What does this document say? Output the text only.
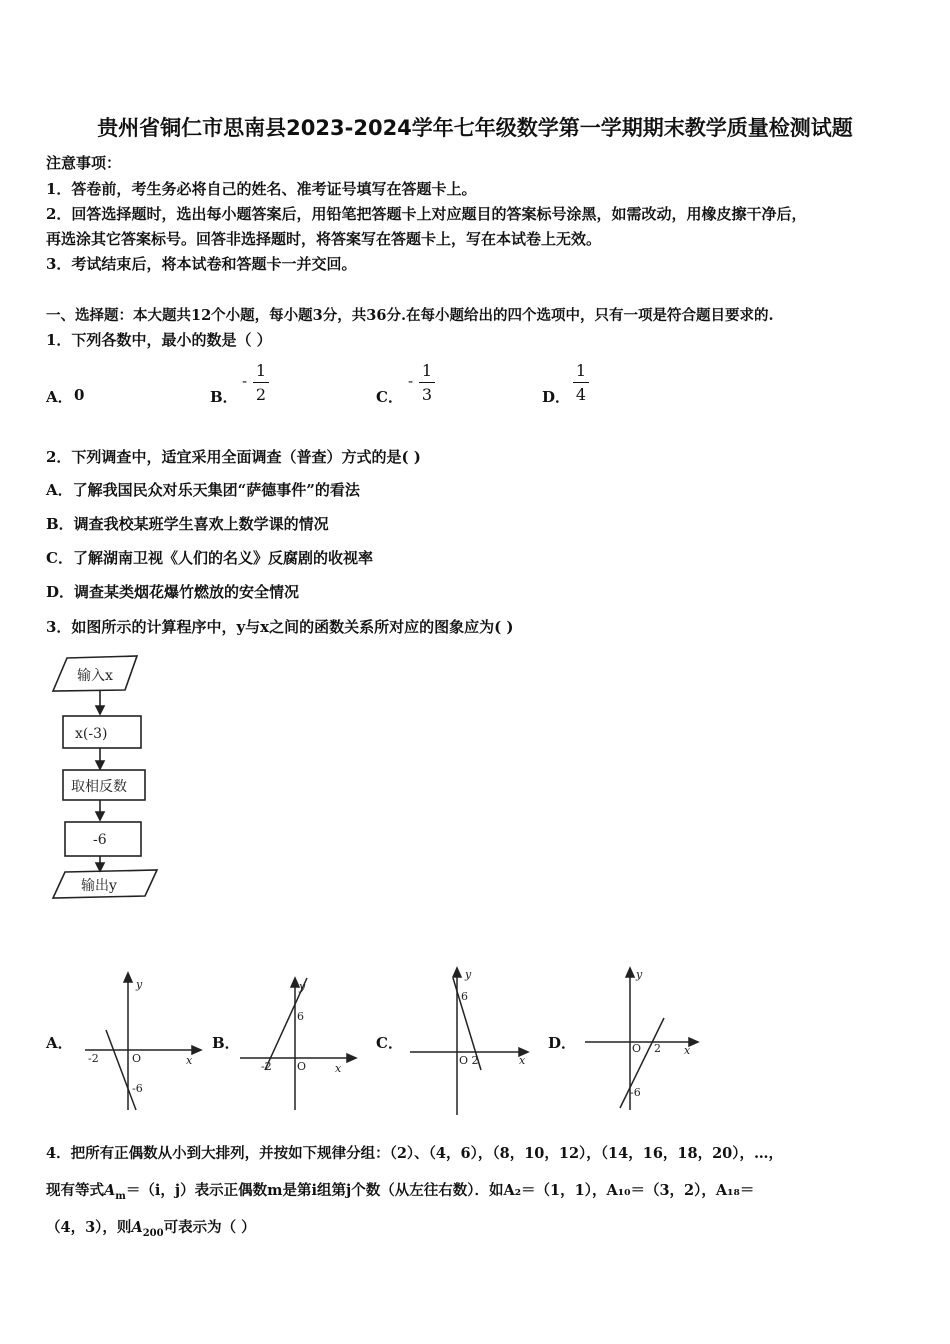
贵州省铜仁市思南县2023-2024学年七年级数学第一学期期末教学质量检测试题
注意事项：
1．答卷前，考生务必将自己的姓名、准考证号填写在答题卡上。
2．回答选择题时，选出每小题答案后，用铅笔把答题卡上对应题目的答案标号涂黑，如需改动，用橡皮擦干净后，
再选涂其它答案标号。回答非选择题时，将答案写在答题卡上，写在本试卷上无效。
3．考试结束后，将本试卷和答题卡一并交回。
一、选择题：本大题共12个小题，每小题3分，共36分.在每小题给出的四个选项中，只有一项是符合题目要求的.
1．下列各数中，最小的数是（ ）
A． 0	B．
-
1
2	C．
-
1
3	D．
1
4
2．下列调查中，适宜采用全面调查（普查）方式的是( )
A．了解我国民众对乐天集团“萨德事件”的看法
B．调查我校某班学生喜欢上数学课的情况
C．了解湖南卫视《人们的名义》反腐剧的收视率
D．调查某类烟花爆竹燃放的安全情况
3．如图所示的计算程序中，y与x之间的函数关系所对应的图象应为( )
输入x
x(-3)
取相反数
-6
输出y
A．
y
x
O
-2
-6
B．
y
x
O
-2
6
C．
y
x
O 2
6
D．
y
x
O 2
-6
4．把所有正偶数从小到大排列，并按如下规律分组：（2）、（4，6），（8，10，12），（14，16，18，20），…，
现有等式$A_m=(i$，j）表示正偶数m是第i组第j个数（从左往右数）．如A₂＝（1，1），A₁₀＝（3，2），A₁₈＝
（4，3），则$A_{200}$可表示为（ ）
